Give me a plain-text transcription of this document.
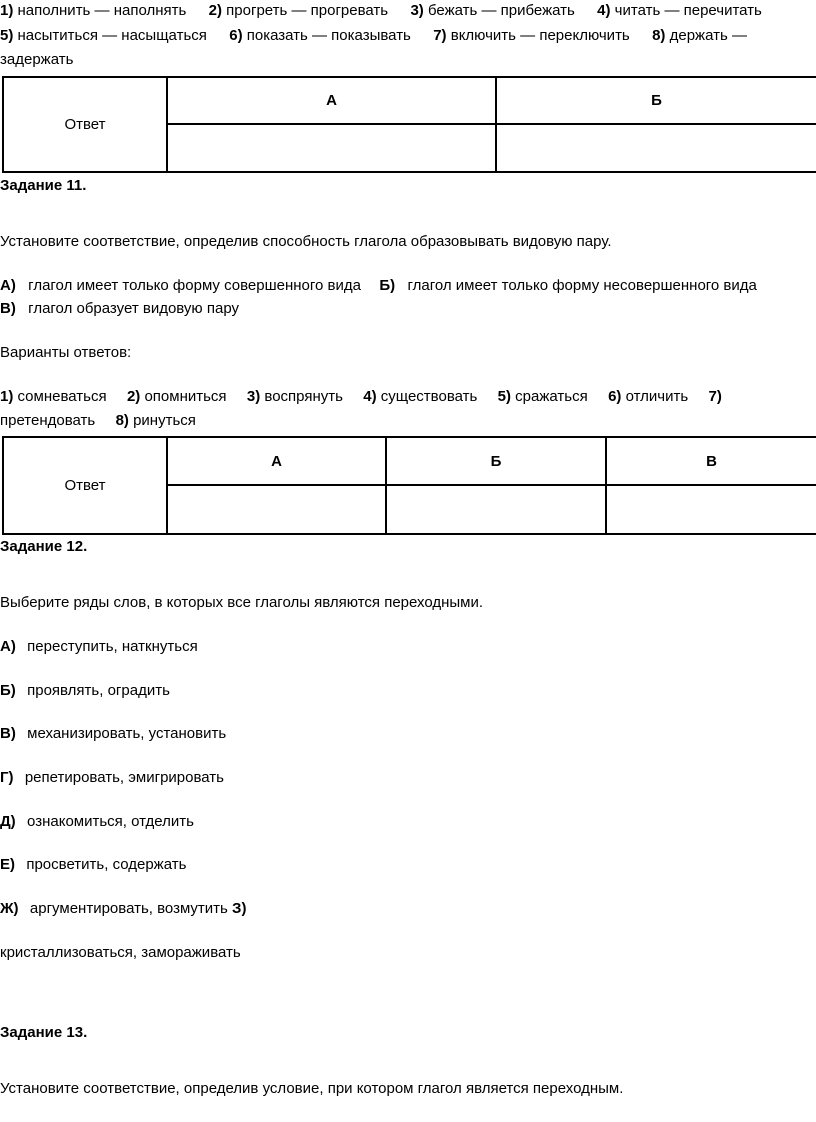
1) наполнить — наполнять 2) прогреть — прогревать 3) бежать — прибежать 4) читать — перечитать
5) насытиться — насыщаться 6) показать — показывать 7) включить — переключить 8) держать —
задержать
Ответ	А	Б

Задание 11.
Установите соответствие, определив способность глагола образовывать видовую пару.
А) глагол имеет только форму совершенного вида Б) глагол имеет только форму несовершенного вида
В) глагол образует видовую пару
Варианты ответов:
1) сомневаться 2) опомниться 3) воспрянуть 4) существовать 5) сражаться 6) отличить 7)
претендовать 8) ринуться
Ответ	А	Б	В

Задание 12.
Выберите ряды слов, в которых все глаголы являются переходными.
А) переступить, наткнуться
Б) проявлять, оградить
В) механизировать, установить
Г) репетировать, эмигрировать
Д) ознакомиться, отделить
Е) просветить, содержать
Ж) аргументировать, возмутить З)
кристаллизоваться, замораживать
Задание 13.
Установите соответствие, определив условие, при котором глагол является переходным.
